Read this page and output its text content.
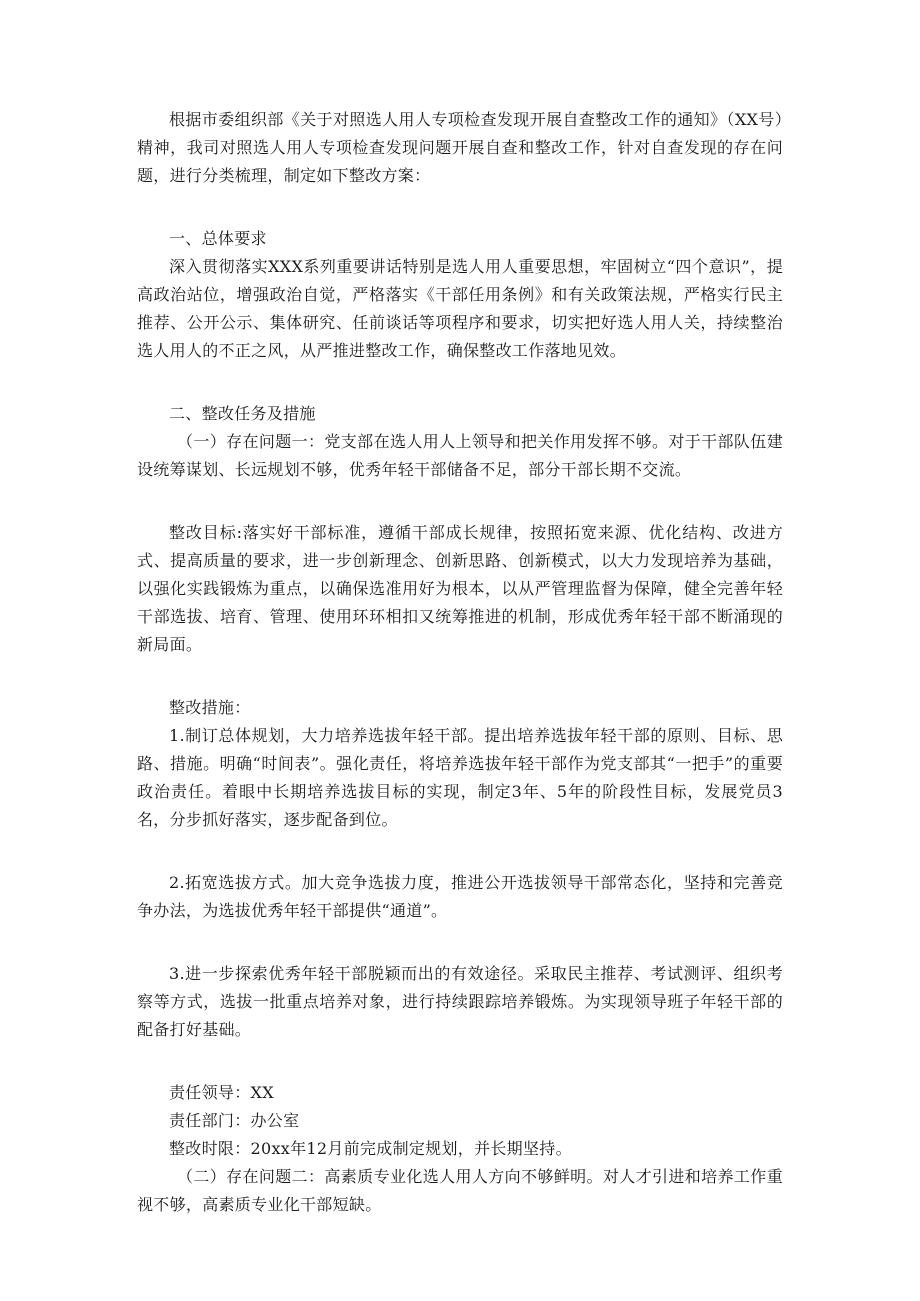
根据市委组织部《关于对照选人用人专项检查发现开展自查整改工作的通知》（XX号）精神，我司对照选人用人专项检查发现问题开展自查和整改工作，针对自查发现的存在问题，进行分类梳理，制定如下整改方案：

一、总体要求

深入贯彻落实XXX系列重要讲话特别是选人用人重要思想，牢固树立“四个意识”，提高政治站位，增强政治自觉，严格落实《干部任用条例》和有关政策法规，严格实行民主推荐、公开公示、集体研究、任前谈话等项程序和要求，切实把好选人用人关，持续整治选人用人的不正之风，从严推进整改工作，确保整改工作落地见效。

二、整改任务及措施

（一）存在问题一：党支部在选人用人上领导和把关作用发挥不够。对于干部队伍建设统筹谋划、长远规划不够，优秀年轻干部储备不足，部分干部长期不交流。

整改目标:落实好干部标准，遵循干部成长规律，按照拓宽来源、优化结构、改进方式、提高质量的要求，进一步创新理念、创新思路、创新模式，以大力发现培养为基础，以强化实践锻炼为重点，以确保选准用好为根本，以从严管理监督为保障，健全完善年轻干部选拔、培育、管理、使用环环相扣又统筹推进的机制，形成优秀年轻干部不断涌现的新局面。

整改措施：

1.制订总体规划，大力培养选拔年轻干部。提出培养选拔年轻干部的原则、目标、思路、措施。明确“时间表”。强化责任，将培养选拔年轻干部作为党支部其“一把手”的重要政治责任。着眼中长期培养选拔目标的实现，制定3年、5年的阶段性目标，发展党员3名，分步抓好落实，逐步配备到位。

2.拓宽选拔方式。加大竞争选拔力度，推进公开选拔领导干部常态化，坚持和完善竞争办法，为选拔优秀年轻干部提供“通道”。

3.进一步探索优秀年轻干部脱颖而出的有效途径。采取民主推荐、考试测评、组织考察等方式，选拔一批重点培养对象，进行持续跟踪培养锻炼。为实现领导班子年轻干部的配备打好基础。

责任领导：XX

责任部门：办公室

整改时限：20xx年12月前完成制定规划，并长期坚持。

（二）存在问题二：高素质专业化选人用人方向不够鲜明。对人才引进和培养工作重视不够，高素质专业化干部短缺。
